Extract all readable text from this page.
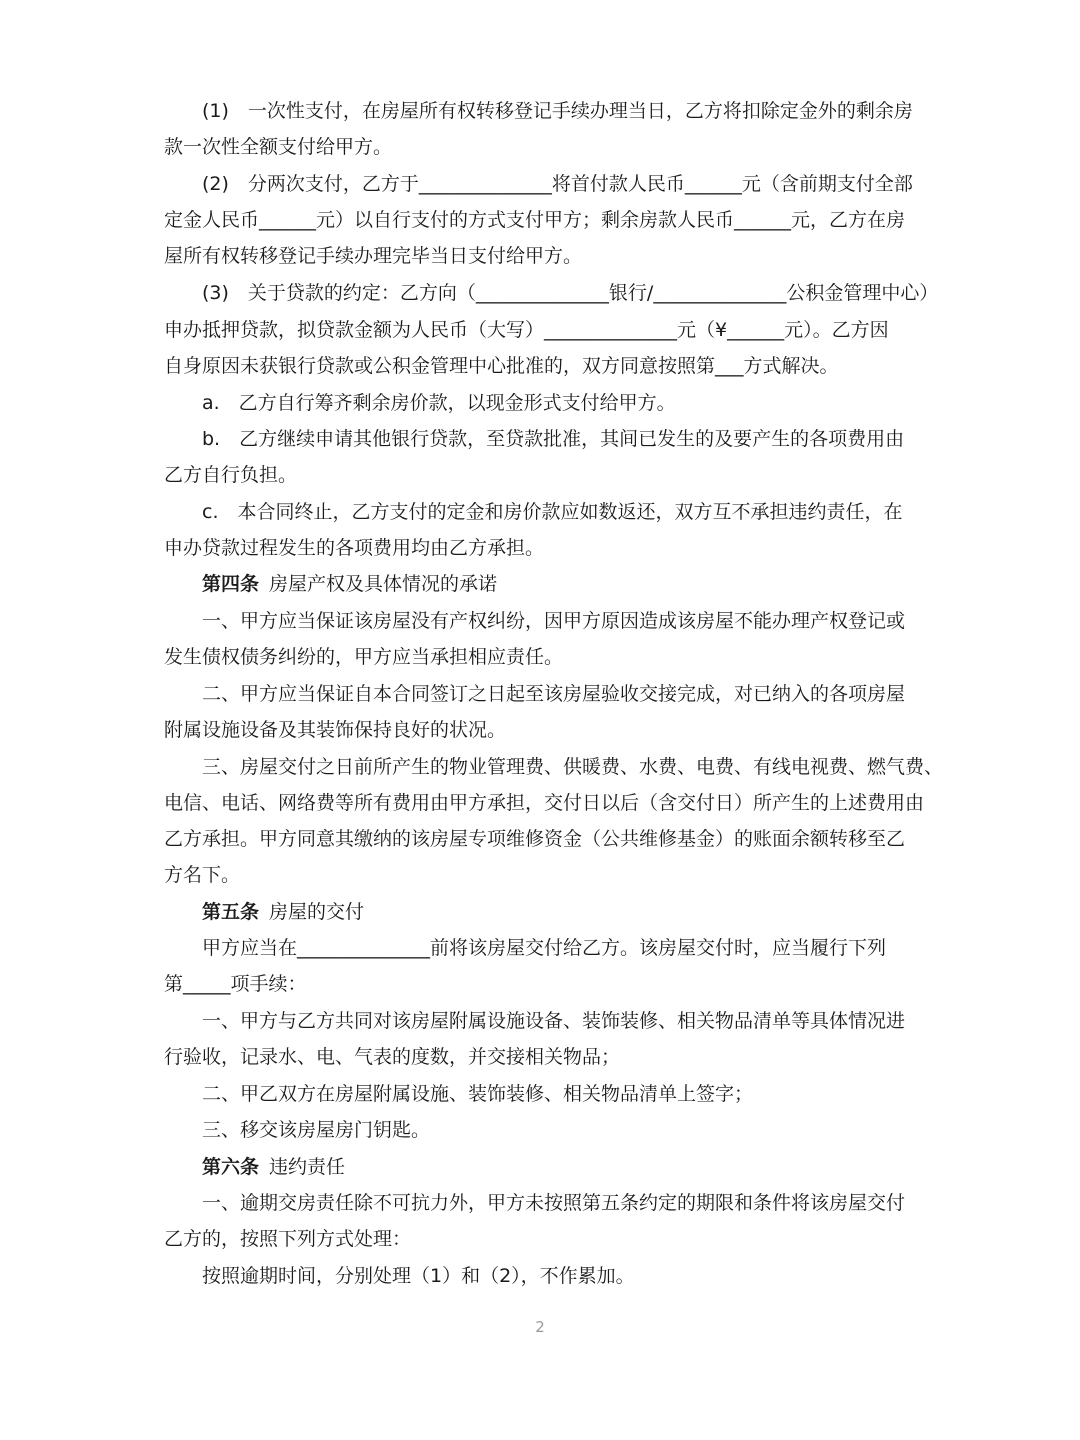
(1)　一次性支付，在房屋所有权转移登记手续办理当日，乙方将扣除定金外的剩余房
款一次性全额支付给甲方。
(2)　分两次支付，乙方于______________将首付款人民币______元（含前期支付全部
定金人民币______元）以自行支付的方式支付甲方；剩余房款人民币______元，乙方在房
屋所有权转移登记手续办理完毕当日支付给甲方。
(3)　关于贷款的约定：乙方向（______________银行/______________公积金管理中心）
申办抵押贷款，拟贷款金额为人民币（大写）______________元（¥______元）。乙方因
自身原因未获银行贷款或公积金管理中心批准的，双方同意按照第___方式解决。
a.　乙方自行筹齐剩余房价款，以现金形式支付给甲方。
b.　乙方继续申请其他银行贷款，至贷款批准，其间已发生的及要产生的各项费用由
乙方自行负担。
c.　本合同终止，乙方支付的定金和房价款应如数返还，双方互不承担违约责任，在
申办贷款过程发生的各项费用均由乙方承担。
第四条 房屋产权及具体情况的承诺
一、甲方应当保证该房屋没有产权纠纷，因甲方原因造成该房屋不能办理产权登记或
发生债权债务纠纷的，甲方应当承担相应责任。
二、甲方应当保证自本合同签订之日起至该房屋验收交接完成，对已纳入的各项房屋
附属设施设备及其装饰保持良好的状况。
三、房屋交付之日前所产生的物业管理费、供暖费、水费、电费、有线电视费、燃气费、
电信、电话、网络费等所有费用由甲方承担，交付日以后（含交付日）所产生的上述费用由
乙方承担。甲方同意其缴纳的该房屋专项维修资金（公共维修基金）的账面余额转移至乙
方名下。
第五条 房屋的交付
甲方应当在______________前将该房屋交付给乙方。该房屋交付时，应当履行下列
第_____项手续：
一、甲方与乙方共同对该房屋附属设施设备、装饰装修、相关物品清单等具体情况进
行验收，记录水、电、气表的度数，并交接相关物品；
二、甲乙双方在房屋附属设施、装饰装修、相关物品清单上签字；
三、移交该房屋房门钥匙。
第六条 违约责任
一、逾期交房责任除不可抗力外，甲方未按照第五条约定的期限和条件将该房屋交付
乙方的，按照下列方式处理：
按照逾期时间，分别处理（1）和（2），不作累加。
2
